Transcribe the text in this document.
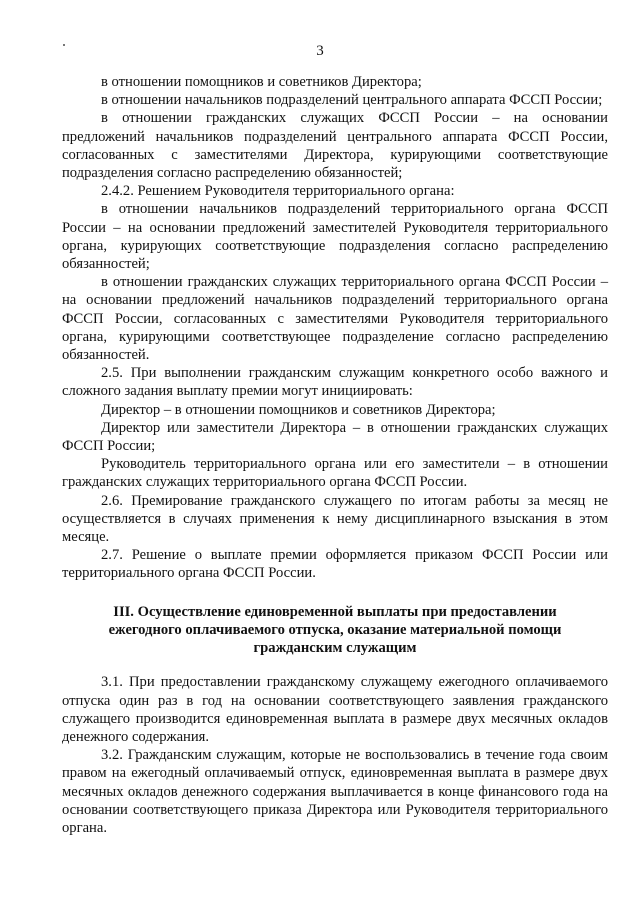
3

в отношении помощников и советников Директора;

в отношении начальников подразделений центрального аппарата ФССП России;

в отношении гражданских служащих ФССП России – на основании предложений начальников подразделений центрального аппарата ФССП России, согласованных с заместителями Директора, курирующими соответствующие подразделения согласно распределению обязанностей;

2.4.2. Решением Руководителя территориального органа:

в отношении начальников подразделений территориального органа ФССП России – на основании предложений заместителей Руководителя территориального органа, курирующих соответствующие подразделения согласно распределению обязанностей;

в отношении гражданских служащих территориального органа ФССП России – на основании предложений начальников подразделений территориального органа ФССП России, согласованных с заместителями Руководителя территориального органа, курирующими соответствующее подразделение согласно распределению обязанностей.

2.5. При выполнении гражданским служащим конкретного особо важного и сложного задания выплату премии могут инициировать:

Директор – в отношении помощников и советников Директора;

Директор или заместители Директора – в отношении гражданских служащих ФССП России;

Руководитель территориального органа или его заместители – в отношении гражданских служащих территориального органа ФССП России.

2.6. Премирование гражданского служащего по итогам работы за месяц не осуществляется в случаях применения к нему дисциплинарного взыскания в этом месяце.

2.7. Решение о выплате премии оформляется приказом ФССП России или территориального органа ФССП России.

III. Осуществление единовременной выплаты при предоставлении
ежегодного оплачиваемого отпуска, оказание материальной помощи
гражданским служащим

3.1. При предоставлении гражданскому служащему ежегодного оплачиваемого отпуска один раз в год на основании соответствующего заявления гражданского служащего производится единовременная выплата в размере двух месячных окладов денежного содержания.

3.2. Гражданским служащим, которые не воспользовались в течение года своим правом на ежегодный оплачиваемый отпуск, единовременная выплата в размере двух месячных окладов денежного содержания выплачивается в конце финансового года на основании соответствующего приказа Директора или Руководителя территориального органа.
